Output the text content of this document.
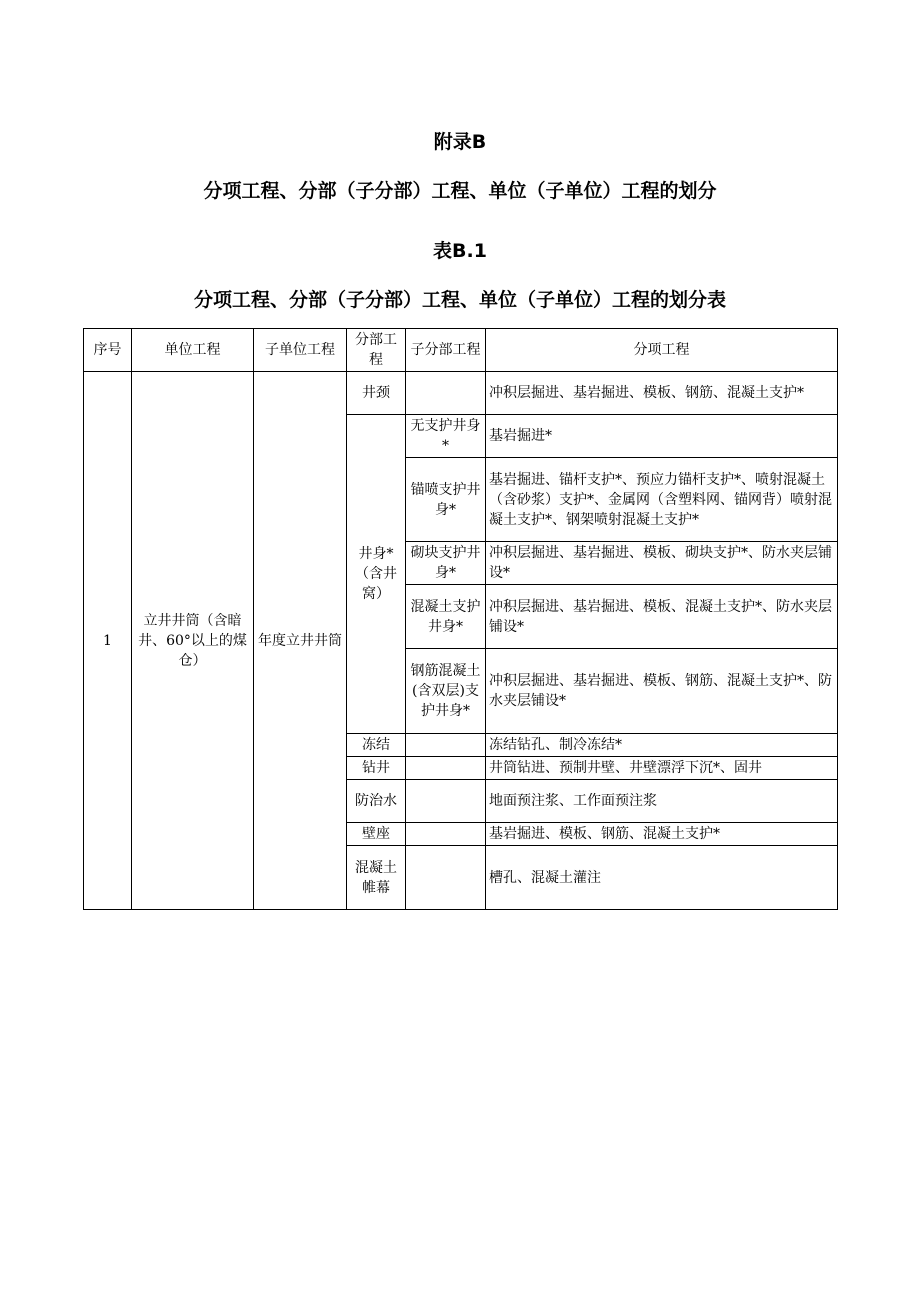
附录B
分项工程、分部（子分部）工程、单位（子单位）工程的划分
表B.1
分项工程、分部（子分部）工程、单位（子单位）工程的划分表
序号	单位工程	子单位工程	分部工程	子分部工程	分项工程
1	立井井筒（含暗井、60°以上的煤仓）	年度立井井筒	井颈		冲积层掘进、基岩掘进、模板、钢筋、混凝土支护*
			井身*（含井窝）	无支护井身*	基岩掘进*
				锚喷支护井身*	基岩掘进、锚杆支护*、预应力锚杆支护*、喷射混凝土（含砂浆）支护*、金属网（含塑料网、锚网背）喷射混凝土支护*、钢架喷射混凝土支护*
				砌块支护井身*	冲积层掘进、基岩掘进、模板、砌块支护*、防水夹层铺设*
				混凝土支护井身*	冲积层掘进、基岩掘进、模板、混凝土支护*、防水夹层铺设*
				钢筋混凝土(含双层)支护井身*	冲积层掘进、基岩掘进、模板、钢筋、混凝土支护*、防水夹层铺设*
			冻结		冻结钻孔、制冷冻结*
			钻井		井筒钻进、预制井壁、井壁漂浮下沉*、固井
			防治水		地面预注浆、工作面预注浆
			壁座		基岩掘进、模板、钢筋、混凝土支护*
			混凝土帷幕		槽孔、混凝土灌注
